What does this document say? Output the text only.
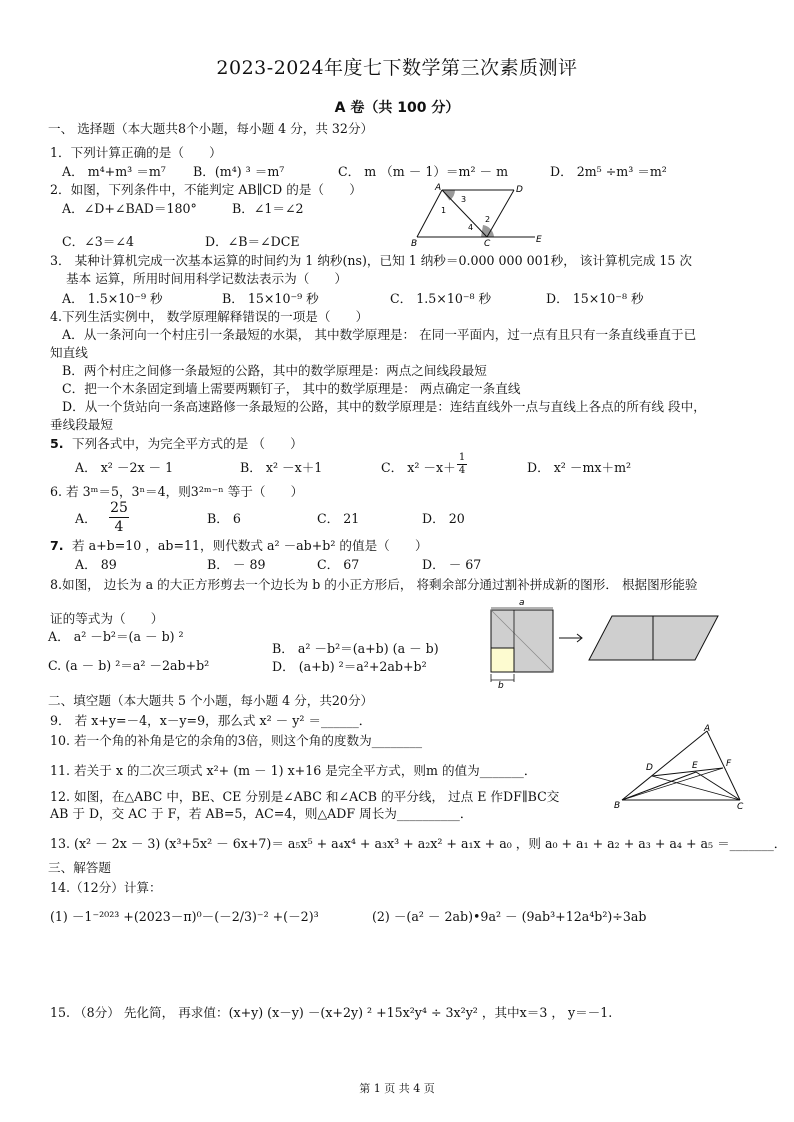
2023-2024年度七下数学第三次素质测评
A 卷（共 100 分）
一、 选择题（本大题共8个小题，每小题 4 分，共 32分）
1．下列计算正确的是（　　）
A． m⁴+m³ ＝m⁷ B．(m⁴) ³ ＝m⁷	C． m （m － 1）＝m² － m	D． 2m⁵ ÷m³ ＝m²
2．如图，下列条件中，不能判定 AB∥CD 的是（　　）
A．∠D+∠BAD＝180°	B．∠1＝∠2
C．∠3＝∠4	D．∠B＝∠DCE
A	D
B	C	E
1
2
3
4
3． 某种计算机完成一次基本运算的时间约为 1 纳秒(ns)，已知 1 纳秒＝0.000 000 001秒， 该计算机完成 15 次
基本 运算，所用时间用科学记数法表示为（　　）
A． 1.5×10⁻⁹ 秒	B． 15×10⁻⁹ 秒	C． 1.5×10⁻⁸ 秒	D． 15×10⁻⁸ 秒
4.下列生活实例中， 数学原理解释错误的一项是（　　）
A．从一条河向一个村庄引一条最短的水渠， 其中数学原理是： 在同一平面内，过一点有且只有一条直线垂直于已
知直线
B．两个村庄之间修一条最短的公路，其中的数学原理是：两点之间线段最短
C．把一个木条固定到墙上需要两颗钉子， 其中的数学原理是： 两点确定一条直线
D．从一个货站向一条高速路修一条最短的公路，其中的数学原理是：连结直线外一点与直线上各点的所有线 段中，
垂线段最短
5. 下列各式中，为完全平方式的是 （　　）
A． x² －2x － 1	B． x² －x＋1	C． $x^2 -x+ \frac{1}{4}$	D． x² －mx＋m²
6. 若 3ᵐ＝5，3ⁿ＝4，则3²ᵐ⁻ⁿ 等于（　　）
A． $\frac{25}{4}$	B． 6	C． 21	D． 20
7. 若 a+b=10 ，ab=11，则代数式 a² －ab+b² 的值是（　　）
A． 89	B． － 89	C． 67	D． － 67
8.如图， 边长为 a 的大正方形剪去一个边长为 b 的小正方形后， 将剩余部分通过割补拼成新的图形． 根据图形能验
证的等式为（　　）
A． a² －b²＝(a － b) ²
B． a² －b²＝(a+b) (a － b)
C. (a － b) ²＝a² －2ab+b²	D． (a+b) ²＝a²+2ab+b²
a
b
二、填空题（本大题共 5 个小题，每小题 4 分，共20分）
9． 若 x+y=－4，x－y=9，那么式 x² － y² ＝______．
10. 若一个角的补角是它的余角的3倍，则这个角的度数为________
11. 若关于 x 的二次三项式 x²+ (m － 1) x+16 是完全平方式，则m 的值为_______．
12. 如图，在△ABC 中，BE、CE 分别是∠ABC 和∠ACB 的平分线， 过点 E 作DF∥BC交
AB 于 D，交 AC 于 F，若 AB=5，AC=4，则△ADF 周长为__________．
A
B	C
D	E	F
13. (x² － 2x － 3) (x³+5x² － 6x+7)＝ a₅x⁵ + a₄x⁴ + a₃x³ + a₂x² + a₁x + a₀ ，则 a₀ + a₁ + a₂ + a₃ + a₄ + a₅ ＝_______．
三、解答题
14.（12分）计算：
(1) －1⁻²⁰²³ +(2023－π)⁰－(－2/3)⁻² +(－2)³	(2) －(a² － 2ab)•9a² － (9ab³+12a⁴b²)÷3ab
15. （8分） 先化简， 再求值：(x+y) (x－y) －(x+2y) ² +15x²y⁴ ÷ 3x²y² ，其中x＝3 ， y＝－1.
第 1 页 共 4 页
